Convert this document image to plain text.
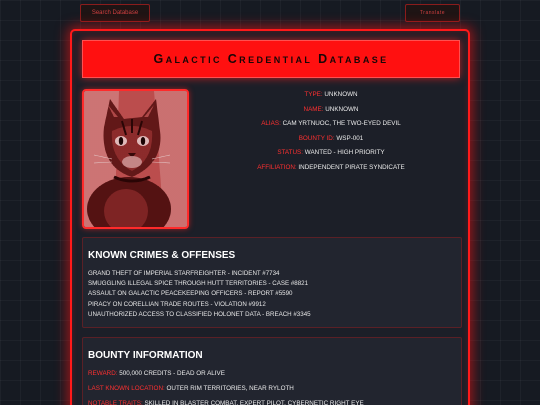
Search Database	Translate
Galactic Credential Database
TYPE: UNKNOWN
NAME: UNKNOWN
ALIAS: CAM YRTNUOC, THE TWO-EYED DEVIL
BOUNTY ID: WSP-001
STATUS: WANTED - HIGH PRIORITY
AFFILIATION: INDEPENDENT PIRATE SYNDICATE
KNOWN CRIMES & OFFENSES
GRAND THEFT OF IMPERIAL STARFREIGHTER - INCIDENT #7734
SMUGGLING ILLEGAL SPICE THROUGH HUTT TERRITORIES - CASE #8821
ASSAULT ON GALACTIC PEACEKEEPING OFFICERS - REPORT #5590
PIRACY ON CORELLIAN TRADE ROUTES - VIOLATION #9912
UNAUTHORIZED ACCESS TO CLASSIFIED HOLONET DATA - BREACH #3345
BOUNTY INFORMATION
REWARD: 500,000 CREDITS - DEAD OR ALIVE
LAST KNOWN LOCATION: OUTER RIM TERRITORIES, NEAR RYLOTH
NOTABLE TRAITS: SKILLED IN BLASTER COMBAT, EXPERT PILOT, CYBERNETIC RIGHT EYE
